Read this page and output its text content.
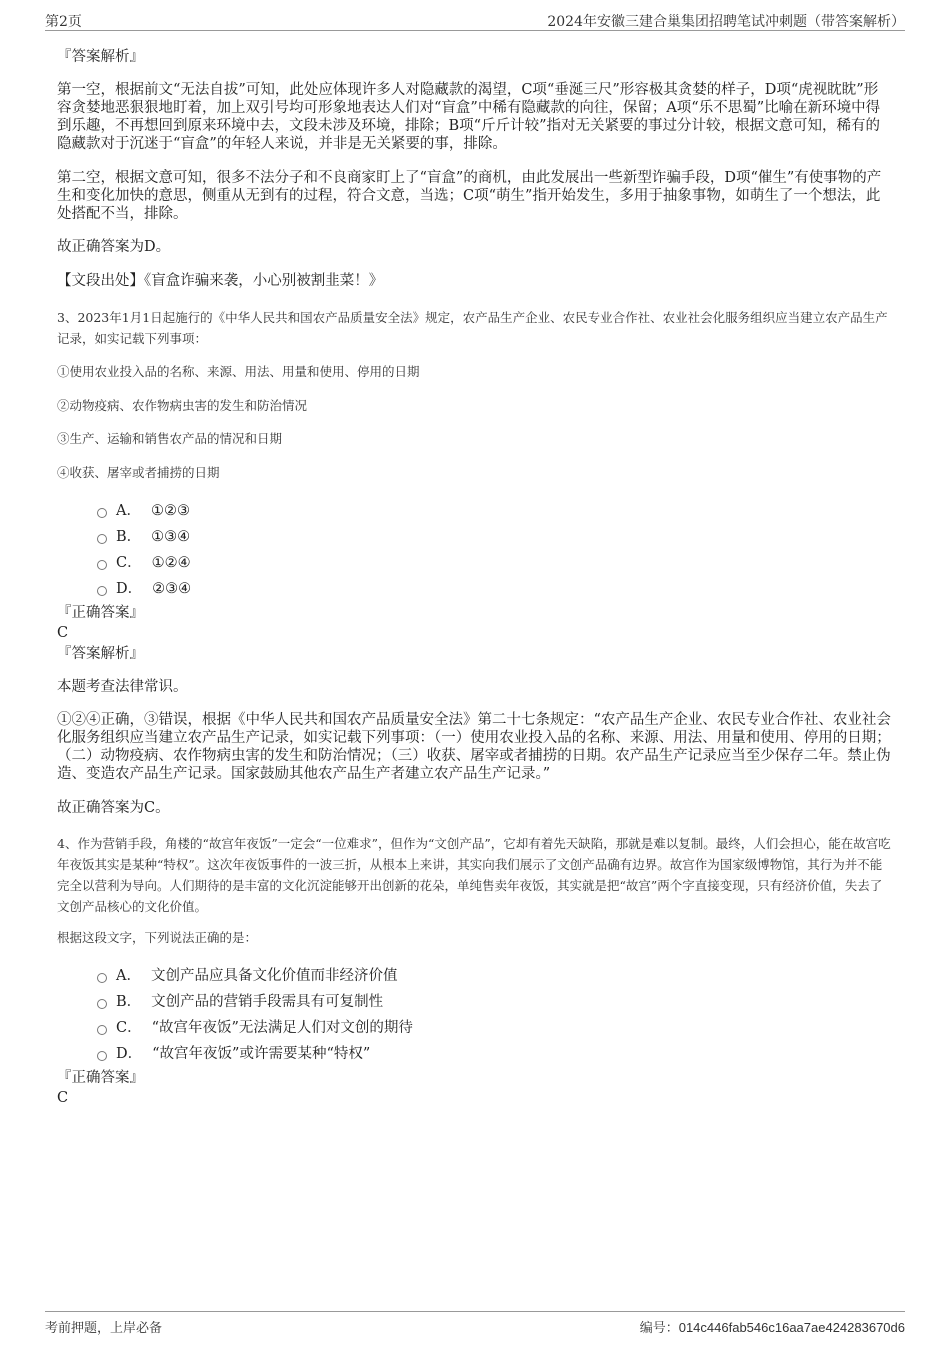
第2页	2024年安徽三建合巢集团招聘笔试冲刺题（带答案解析）
『答案解析』
第一空，根据前文“无法自拔”可知，此处应体现许多人对隐藏款的渴望，C项“垂涎三尺”形容极其贪婪的样子，D项“虎视眈眈”形容贪婪地恶狠狠地盯着，加上双引号均可形象地表达人们对“盲盒”中稀有隐藏款的向往，保留；A项“乐不思蜀”比喻在新环境中得到乐趣，不再想回到原来环境中去，文段未涉及环境，排除；B项“斤斤计较”指对无关紧要的事过分计较，根据文意可知，稀有的隐藏款对于沉迷于“盲盒”的年轻人来说，并非是无关紧要的事，排除。
第二空，根据文意可知，很多不法分子和不良商家盯上了“盲盒”的商机，由此发展出一些新型诈骗手段，D项“催生”有使事物的产生和变化加快的意思，侧重从无到有的过程，符合文意，当选；C项“萌生”指开始发生，多用于抽象事物，如萌生了一个想法，此处搭配不当，排除。
故正确答案为D。
【文段出处】《盲盒诈骗来袭，小心别被割韭菜！》
3、2023年1月1日起施行的《中华人民共和国农产品质量安全法》规定，农产品生产企业、农民专业合作社、农业社会化服务组织应当建立农产品生产记录，如实记载下列事项：
①使用农业投入品的名称、来源、用法、用量和使用、停用的日期
②动物疫病、农作物病虫害的发生和防治情况
③生产、运输和销售农产品的情况和日期
④收获、屠宰或者捕捞的日期
A． ①②③
B． ①③④
C． ①②④
D． ②③④
『正确答案』
C
『答案解析』
本题考查法律常识。
①②④正确，③错误，根据《中华人民共和国农产品质量安全法》第二十七条规定：“农产品生产企业、农民专业合作社、农业社会化服务组织应当建立农产品生产记录，如实记载下列事项：（一）使用农业投入品的名称、来源、用法、用量和使用、停用的日期；（二）动物疫病、农作物病虫害的发生和防治情况；（三）收获、屠宰或者捕捞的日期。农产品生产记录应当至少保存二年。禁止伪造、变造农产品生产记录。国家鼓励其他农产品生产者建立农产品生产记录。”
故正确答案为C。
4、作为营销手段，角楼的“故宫年夜饭”一定会“一位难求”，但作为“文创产品”，它却有着先天缺陷，那就是难以复制。最终，人们会担心，能在故宫吃年夜饭其实是某种“特权”。这次年夜饭事件的一波三折，从根本上来讲，其实向我们展示了文创产品确有边界。故宫作为国家级博物馆，其行为并不能完全以营利为导向。人们期待的是丰富的文化沉淀能够开出创新的花朵，单纯售卖年夜饭，其实就是把“故宫”两个字直接变现，只有经济价值，失去了文创产品核心的文化价值。
根据这段文字，下列说法正确的是：
A． 文创产品应具备文化价值而非经济价值
B． 文创产品的营销手段需具有可复制性
C． “故宫年夜饭”无法满足人们对文创的期待
D． “故宫年夜饭”或许需要某种“特权”
『正确答案』
C
考前押题，上岸必备	编号：014c446fab546c16aa7ae424283670d6
